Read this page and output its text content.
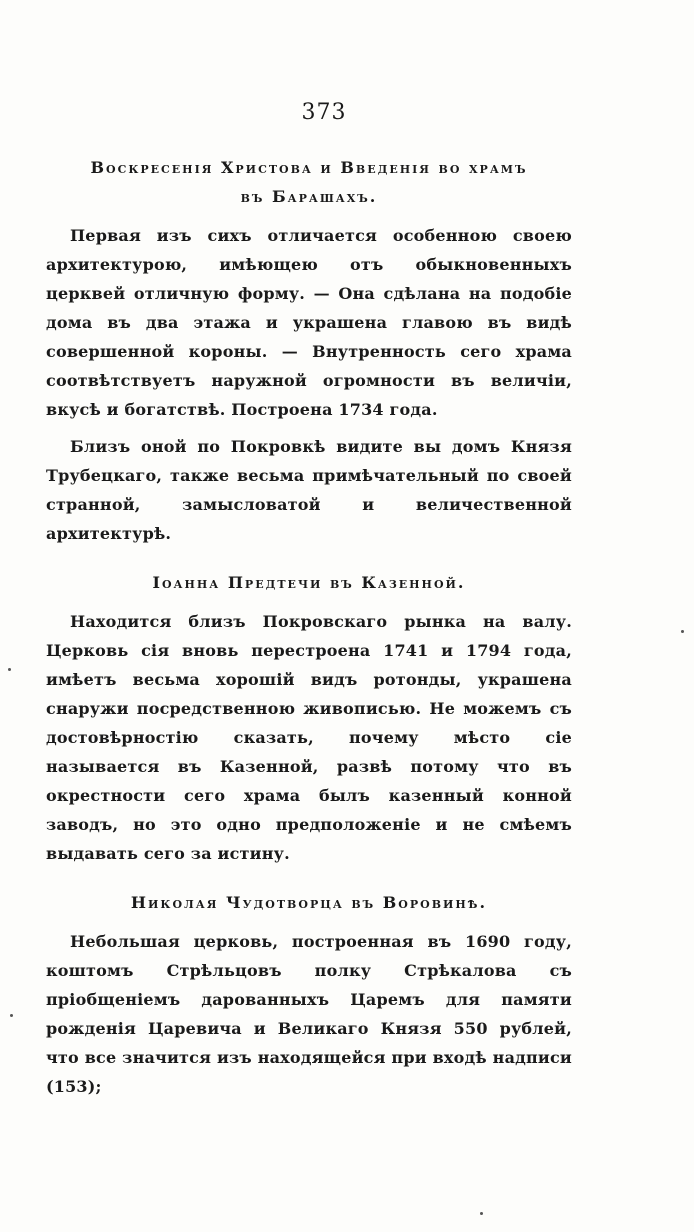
373
Воскресенія Христова и Введенія во храмъ
въ Барашахъ.

Первая изъ сихъ отличается особенною своею архитектурою, имѣющею отъ обыкновенныхъ церквей отличную форму. — Она сдѣлана на подобіе дома въ два этажа и украшена главою въ видѣ совершенной короны. — Внутренность сего храма соотвѣтствуетъ наружной огромности въ величіи, вкусѣ и богатствѣ. Построена 1734 года.

Близъ оной по Покровкѣ видите вы домъ Князя Трубецкаго, также весьма примѣчательный по своей странной, замысловатой и величественной архитектурѣ.

Іоанна Предтечи въ Казенной.

Находится близъ Покровскаго рынка на валу. Церковь сія вновь перестроена 1741 и 1794 года, имѣетъ весьма хорошій видъ ротонды, украшена снаружи посредственною живописью. Не можемъ съ достовѣрностію сказать, почему мѣсто сіе называется въ Казенной, развѣ потому что въ окрестности сего храма былъ казенный конной заводъ, но это одно предположеніе и не смѣемъ выдавать сего за истину.

Николая Чудотворца въ Воровинѣ.

Небольшая церковь, построенная въ 1690 году, коштомъ Стрѣльцовъ полку Стрѣкалова съ пріобщеніемъ дарованныхъ Царемъ для памяти рожденія Царевича и Великаго Князя 550 рублей, что все значится изъ находящейся при входѣ надписи (153);
